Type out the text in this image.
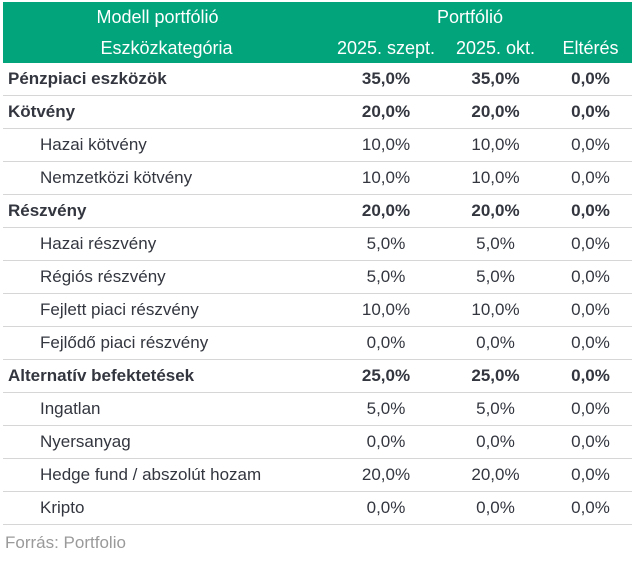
Modell portfólió	Portfólió		
Eszközkategória	2025. szept.	2025. okt.	Eltérés
Pénzpiaci eszközök	35,0%	35,0%	0,0%
Kötvény	20,0%	20,0%	0,0%
Hazai kötvény	10,0%	10,0%	0,0%
Nemzetközi kötvény	10,0%	10,0%	0,0%
Részvény	20,0%	20,0%	0,0%
Hazai részvény	5,0%	5,0%	0,0%
Régiós részvény	5,0%	5,0%	0,0%
Fejlett piaci részvény	10,0%	10,0%	0,0%
Fejlődő piaci részvény	0,0%	0,0%	0,0%
Alternatív befektetések	25,0%	25,0%	0,0%
Ingatlan	5,0%	5,0%	0,0%
Nyersanyag	0,0%	0,0%	0,0%
Hedge fund / abszolút hozam	20,0%	20,0%	0,0%
Kripto	0,0%	0,0%	0,0%
Forrás: Portfolio
